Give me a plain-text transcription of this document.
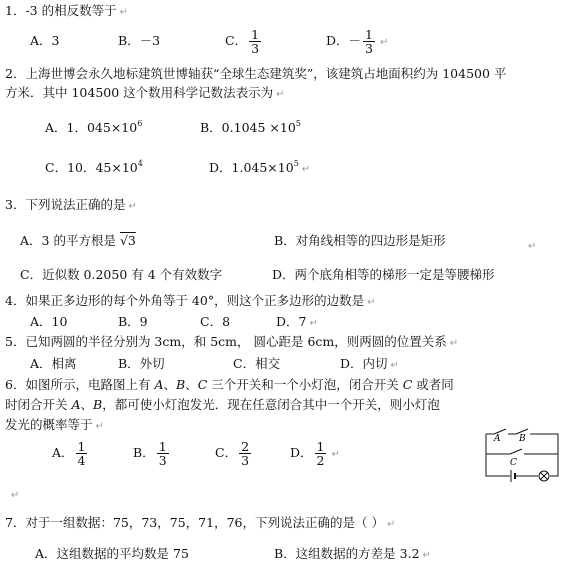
1．-3 的相反数等于 ↵
A．3	B．－3	C． $\frac{1}{3}$	D．－ $\frac{1}{3}$ ↵
2．上海世博会永久地标建筑世博轴获“全球生态建筑奖”，该建筑占地面积约为 104500 平
方米．其中 104500 这个数用科学记数法表示为 ↵
A．1．$045\times 10^6$	B．$0.1045 \times 10^5$
C．10．$45\times 10^4$	D．$1.045\times 10^5↵$
3．下列说法正确的是 ↵
A．3 的平方根是 √3	B．对角线相等的四边形是矩形	↵
C．近似数 0.2050 有 4 个有效数字	D．两个底角相等的梯形一定是等腰梯形
4．如果正多边形的每个外角等于 40°，则这个正多边形的边数是 ↵
A．10	B．9	C．8	D．7 ↵
5．已知两圆的半径分别为 3cm，和 5cm， 圆心距是 6cm，则两圆的位置关系 ↵
A．相离	B．外切	C．相交	D．内切 ↵
6．如图所示，电路图上有 A、B、C 三个开关和一个小灯泡，闭合开关 C 或者同
时闭合开关 A、B，都可使小灯泡发光．现在任意闭合其中一个开关，则小灯泡
发光的概率等于 ↵
A． $\frac{1}{4}$	B． $\frac{1}{3}$	C． $\frac{2}{3}$	D． $\frac{1}{2}$ ↵
A B
C
↵
7．对于一组数据：75，73，75，71，76，下列说法正确的是（ ） ↵
A．这组数据的平均数是 75	B．这组数据的方差是 3.2 ↵
